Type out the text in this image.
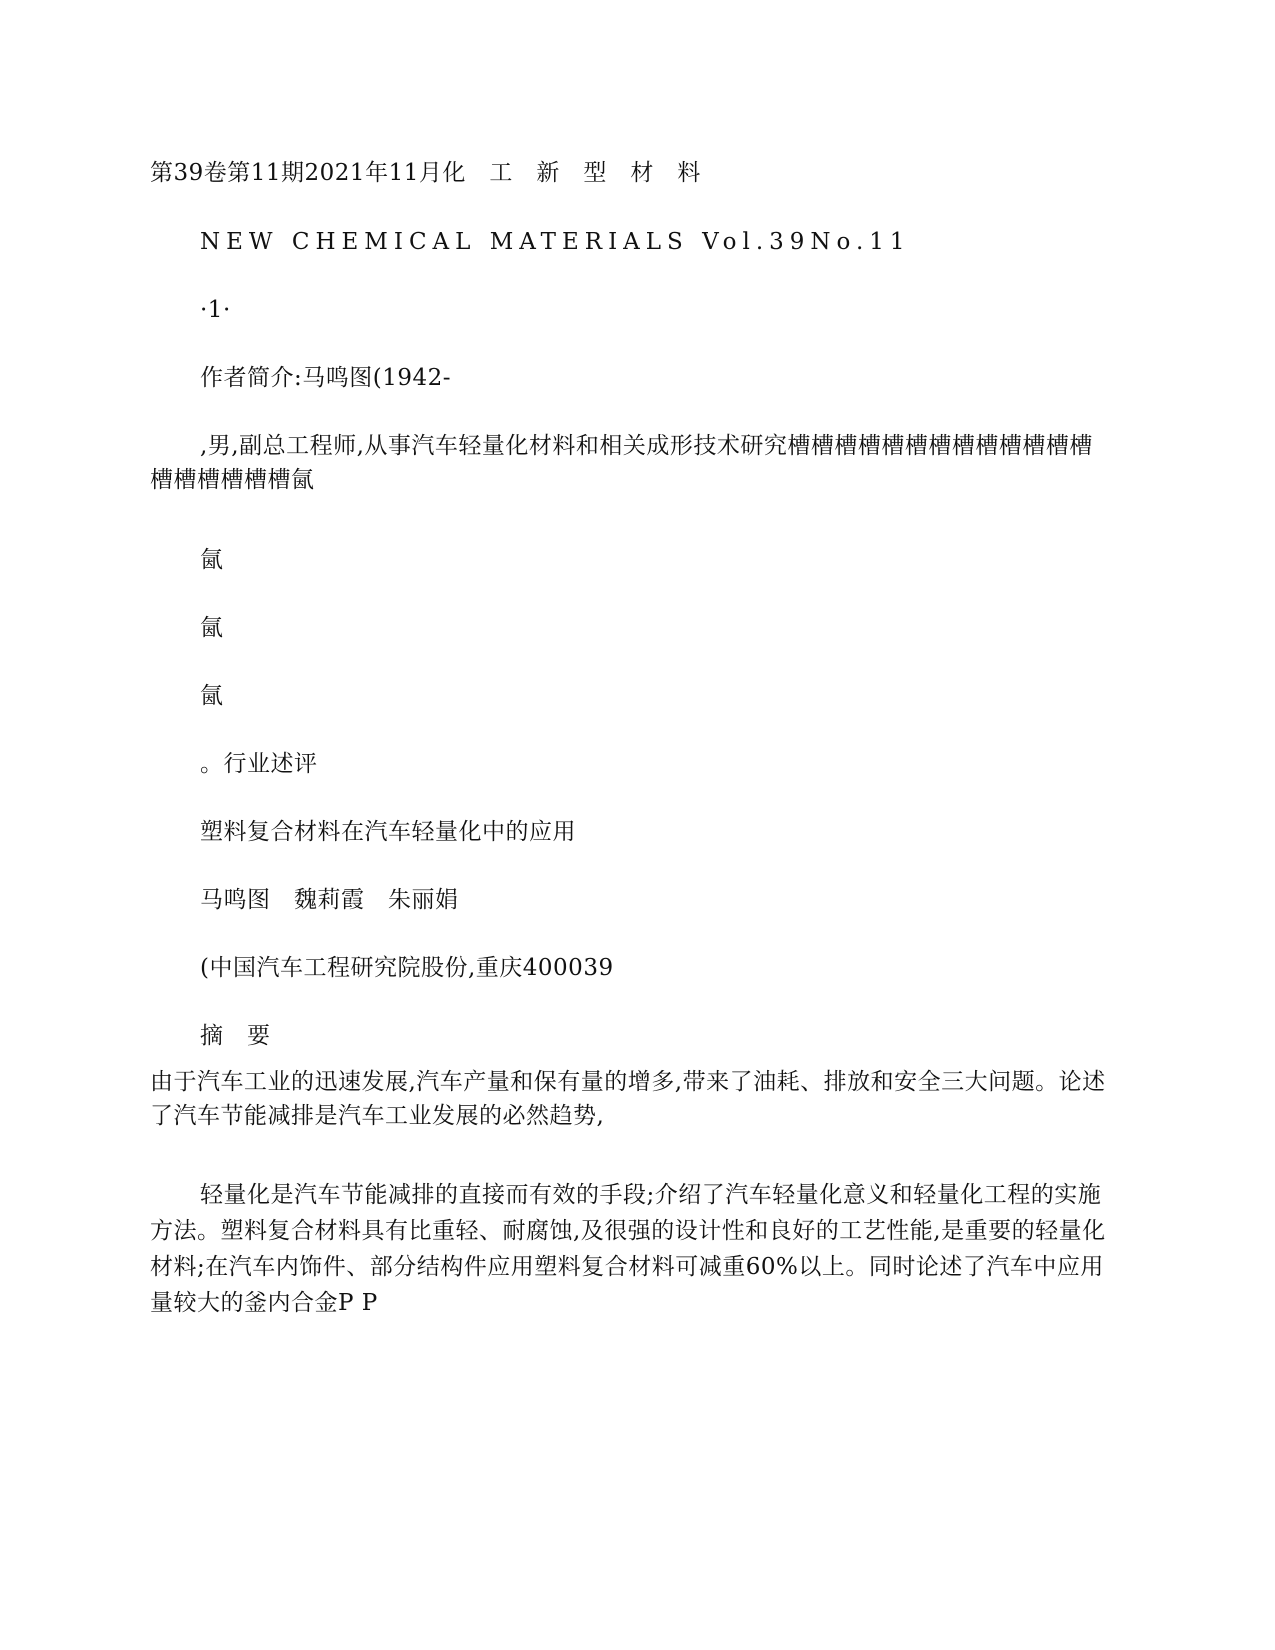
第39卷第11期2021年11月化　工　新　型　材　料

NEW CHEMICAL MATERIALS Vol.39No.11

·1·

作者简介:马鸣图(1942-

,男,副总工程师,从事汽车轻量化材料和相关成形技术研究槽槽槽槽槽槽槽槽槽槽槽槽槽槽槽槽槽槽槽氤

氤

氤

氤

。行业述评

塑料复合材料在汽车轻量化中的应用

马鸣图　魏莉霞　朱丽娟

(中国汽车工程研究院股份,重庆400039

摘　要

由于汽车工业的迅速发展,汽车产量和保有量的增多,带来了油耗、排放和安全三大问题。论述了汽车节能减排是汽车工业发展的必然趋势,

轻量化是汽车节能减排的直接而有效的手段;介绍了汽车轻量化意义和轻量化工程的实施方法。塑料复合材料具有比重轻、耐腐蚀,及很强的设计性和良好的工艺性能,是重要的轻量化材料;在汽车内饰件、部分结构件应用塑料复合材料可减重60%以上。同时论述了汽车中应用量较大的釜内合金P P
